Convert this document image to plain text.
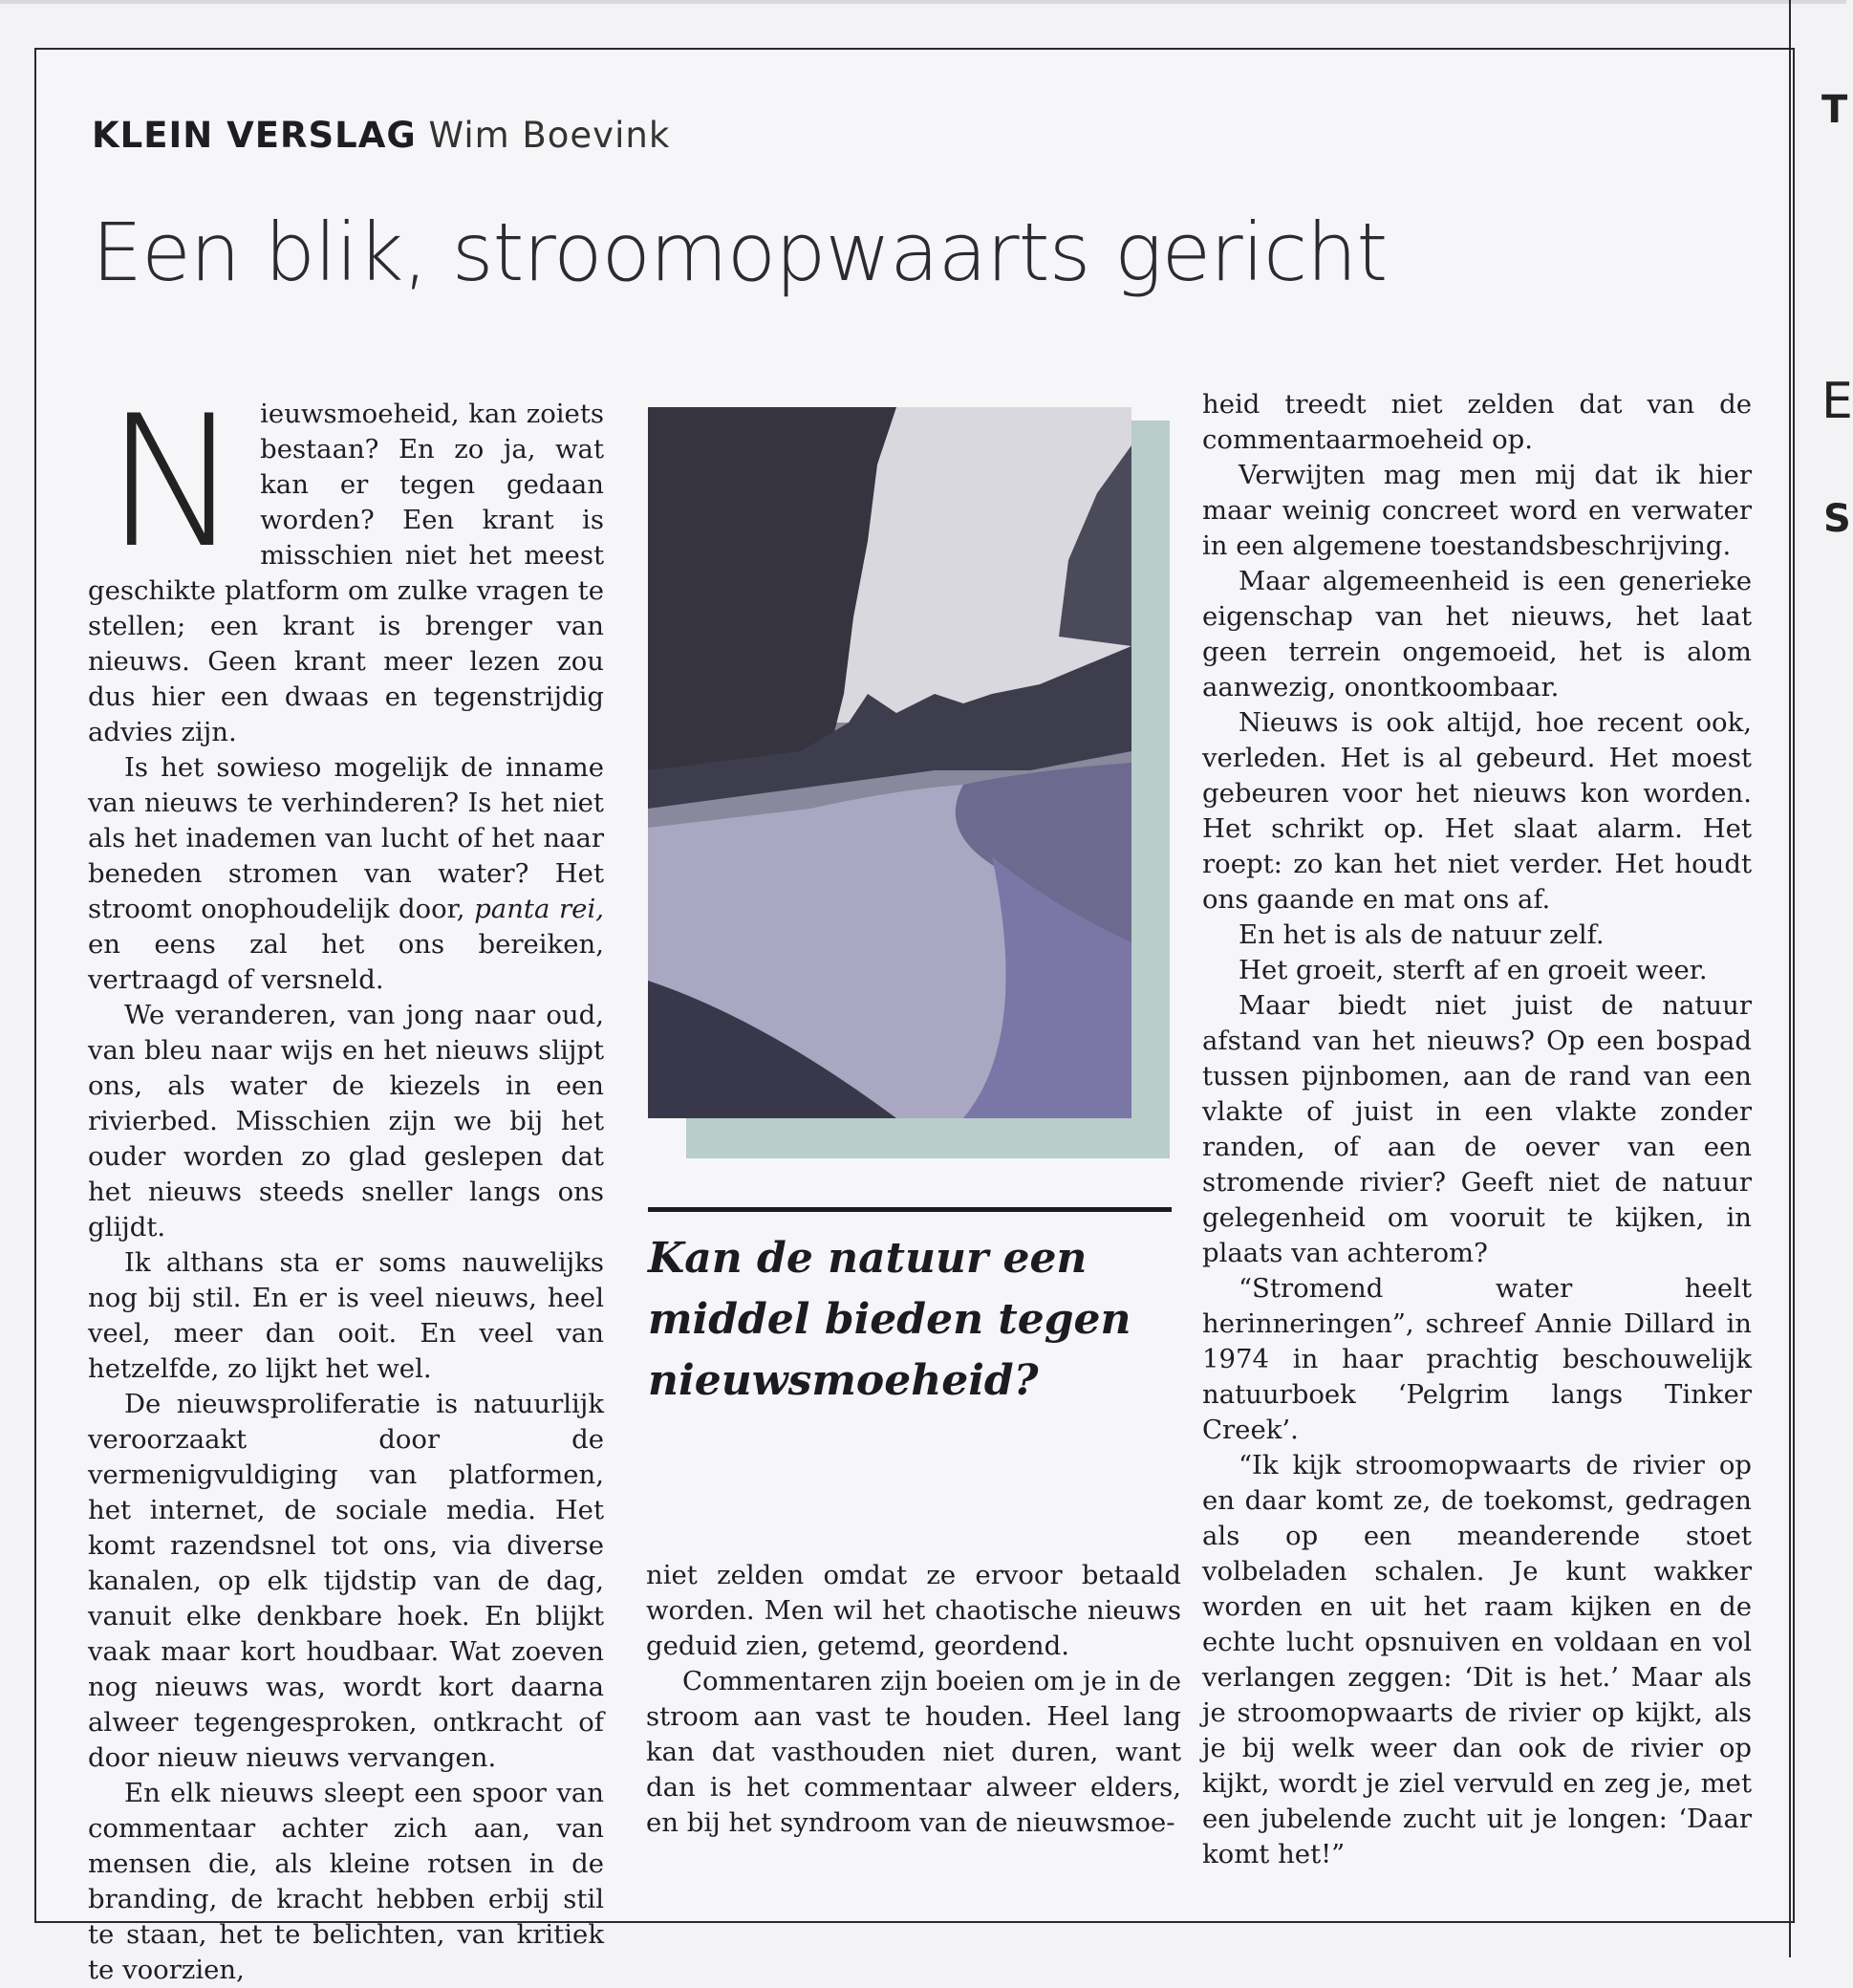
T
E
S
KLEIN VERSLAG Wim Boevink
Een blik, stroomopwaarts gericht
N ieuwsmoeheid, kan zoiets bestaan? En zo ja, wat kan er tegen gedaan worden? Een krant is misschien niet het meest geschikte platform om zulke vragen te stellen; een krant is brenger van nieuws. Geen krant meer lezen zou dus hier een dwaas en tegenstrijdig advies zijn.

Is het sowieso mogelijk de inname van nieuws te verhinderen? Is het niet als het inademen van lucht of het naar beneden stromen van water? Het stroomt onophoudelijk door, panta rei, en eens zal het ons bereiken, vertraagd of versneld.

We veranderen, van jong naar oud, van bleu naar wijs en het nieuws slijpt ons, als water de kiezels in een rivierbed. Misschien zijn we bij het ouder worden zo glad geslepen dat het nieuws steeds sneller langs ons glijdt.

Ik althans sta er soms nauwelijks nog bij stil. En er is veel nieuws, heel veel, meer dan ooit. En veel van hetzelfde, zo lijkt het wel.

De nieuwsproliferatie is natuurlijk veroorzaakt door de vermenigvuldiging van platformen, het internet, de sociale media. Het komt razendsnel tot ons, via diverse kanalen, op elk tijdstip van de dag, vanuit elke denkbare hoek. En blijkt vaak maar kort houdbaar. Wat zoeven nog nieuws was, wordt kort daarna alweer tegengesproken, ontkracht of door nieuw nieuws vervangen.

En elk nieuws sleept een spoor van commentaar achter zich aan, van mensen die, als kleine rotsen in de branding, de kracht hebben erbij stil te staan, het te belichten, van kritiek te voorzien,

Kan de natuur een middel bieden tegen nieuwsmoeheid?

niet zelden omdat ze ervoor betaald worden. Men wil het chaotische nieuws geduid zien, getemd, geordend.

Commentaren zijn boeien om je in de stroom aan vast te houden. Heel lang kan dat vasthouden niet duren, want dan is het commentaar alweer elders, en bij het syndroom van de nieuwsmoe-

heid treedt niet zelden dat van de commentaarmoeheid op.

Verwijten mag men mij dat ik hier maar weinig concreet word en verwater in een algemene toestandsbeschrijving.

Maar algemeenheid is een generieke eigenschap van het nieuws, het laat geen terrein ongemoeid, het is alom aanwezig, onontkoombaar.

Nieuws is ook altijd, hoe recent ook, verleden. Het is al gebeurd. Het moest gebeuren voor het nieuws kon worden. Het schrikt op. Het slaat alarm. Het roept: zo kan het niet verder. Het houdt ons gaande en mat ons af.

En het is als de natuur zelf.

Het groeit, sterft af en groeit weer.

Maar biedt niet juist de natuur afstand van het nieuws? Op een bospad tussen pijnbomen, aan de rand van een vlakte of juist in een vlakte zonder randen, of aan de oever van een stromende rivier? Geeft niet de natuur gelegenheid om vooruit te kijken, in plaats van achterom?

“Stromend water heelt herinneringen”, schreef Annie Dillard in 1974 in haar prachtig beschouwelijk natuurboek ‘Pelgrim langs Tinker Creek’.

“Ik kijk stroomopwaarts de rivier op en daar komt ze, de toekomst, gedragen als op een meanderende stoet volbeladen schalen. Je kunt wakker worden en uit het raam kijken en de echte lucht opsnuiven en voldaan en vol verlangen zeggen: ‘Dit is het.’ Maar als je stroomopwaarts de rivier op kijkt, als je bij welk weer dan ook de rivier op kijkt, wordt je ziel vervuld en zeg je, met een jubelende zucht uit je longen: ‘Daar komt het!”
